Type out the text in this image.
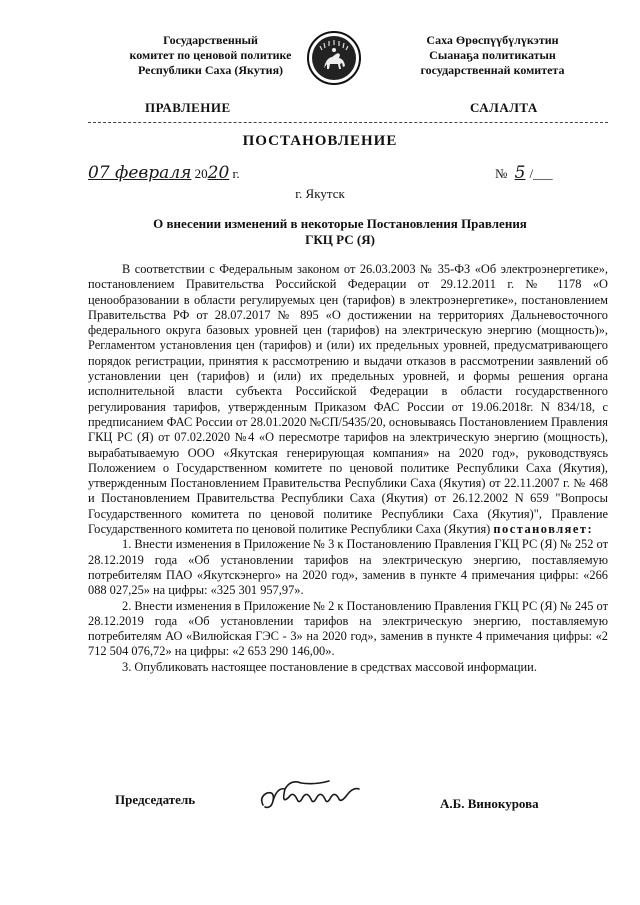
Государственный
комитет по ценовой политике
Республики Саха (Якутия)
Саха Өрөспүүбүлүкэтин
Сыанаҕа политикатын
государственнай комитета
ПРАВЛЕНИЕ	САЛАЛТА
ПОСТАНОВЛЕНИЕ
07 февраля 2020 г.	№ 5 /___
г. Якутск
О внесении изменений в некоторые Постановления Правления
ГКЦ РС (Я)

В соответствии с Федеральным законом от 26.03.2003 № 35-ФЗ «Об электроэнергетике», постановлением Правительства Российской Федерации от 29.12.2011 г. № 1178 «О ценообразовании в области регулируемых цен (тарифов) в электроэнергетике», постановлением Правительства РФ от 28.07.2017 № 895 «О достижении на территориях Дальневосточного федерального округа базовых уровней цен (тарифов) на электрическую энергию (мощность)», Регламентом установления цен (тарифов) и (или) их предельных уровней, предусматривающего порядок регистрации, принятия к рассмотрению и выдачи отказов в рассмотрении заявлений об установлении цен (тарифов) и (или) их предельных уровней, и формы решения органа исполнительной власти субъекта Российской Федерации в области государственного регулирования тарифов, утвержденным Приказом ФАС России от 19.06.2018г. N 834/18, с предписанием ФАС России от 28.01.2020 №СП/5435/20, основываясь Постановлением Правления ГКЦ РС (Я) от 07.02.2020 №4 «О пересмотре тарифов на электрическую энергию (мощность), вырабатываемую ООО «Якутская генерирующая компания» на 2020 год», руководствуясь Положением о Государственном комитете по ценовой политике Республики Саха (Якутия), утвержденным Постановлением Правительства Республики Саха (Якутия) от 22.11.2007 г. № 468 и Постановлением Правительства Республики Саха (Якутия) от 26.12.2002 N 659 "Вопросы Государственного комитета по ценовой политике Республики Саха (Якутия)", Правление Государственного комитета по ценовой политике Республики Саха (Якутия) постановляет:

1. Внести изменения в Приложение № 3 к Постановлению Правления ГКЦ РС (Я) № 252 от 28.12.2019 года «Об установлении тарифов на электрическую энергию, поставляемую потребителям ПАО «Якутскэнерго» на 2020 год», заменив в пункте 4 примечания цифры: «266 088 027,25» на цифры: «325 301 957,97».

2. Внести изменения в Приложение № 2 к Постановлению Правления ГКЦ РС (Я) № 245 от 28.12.2019 года «Об установлении тарифов на электрическую энергию, поставляемую потребителям АО «Вилюйская ГЭС - 3» на 2020 год», заменив в пункте 4 примечания цифры: «2 712 504 076,72» на цифры: «2 653 290 146,00».

3. Опубликовать настоящее постановление в средствах массовой информации.

Председатель	А.Б. Винокурова
